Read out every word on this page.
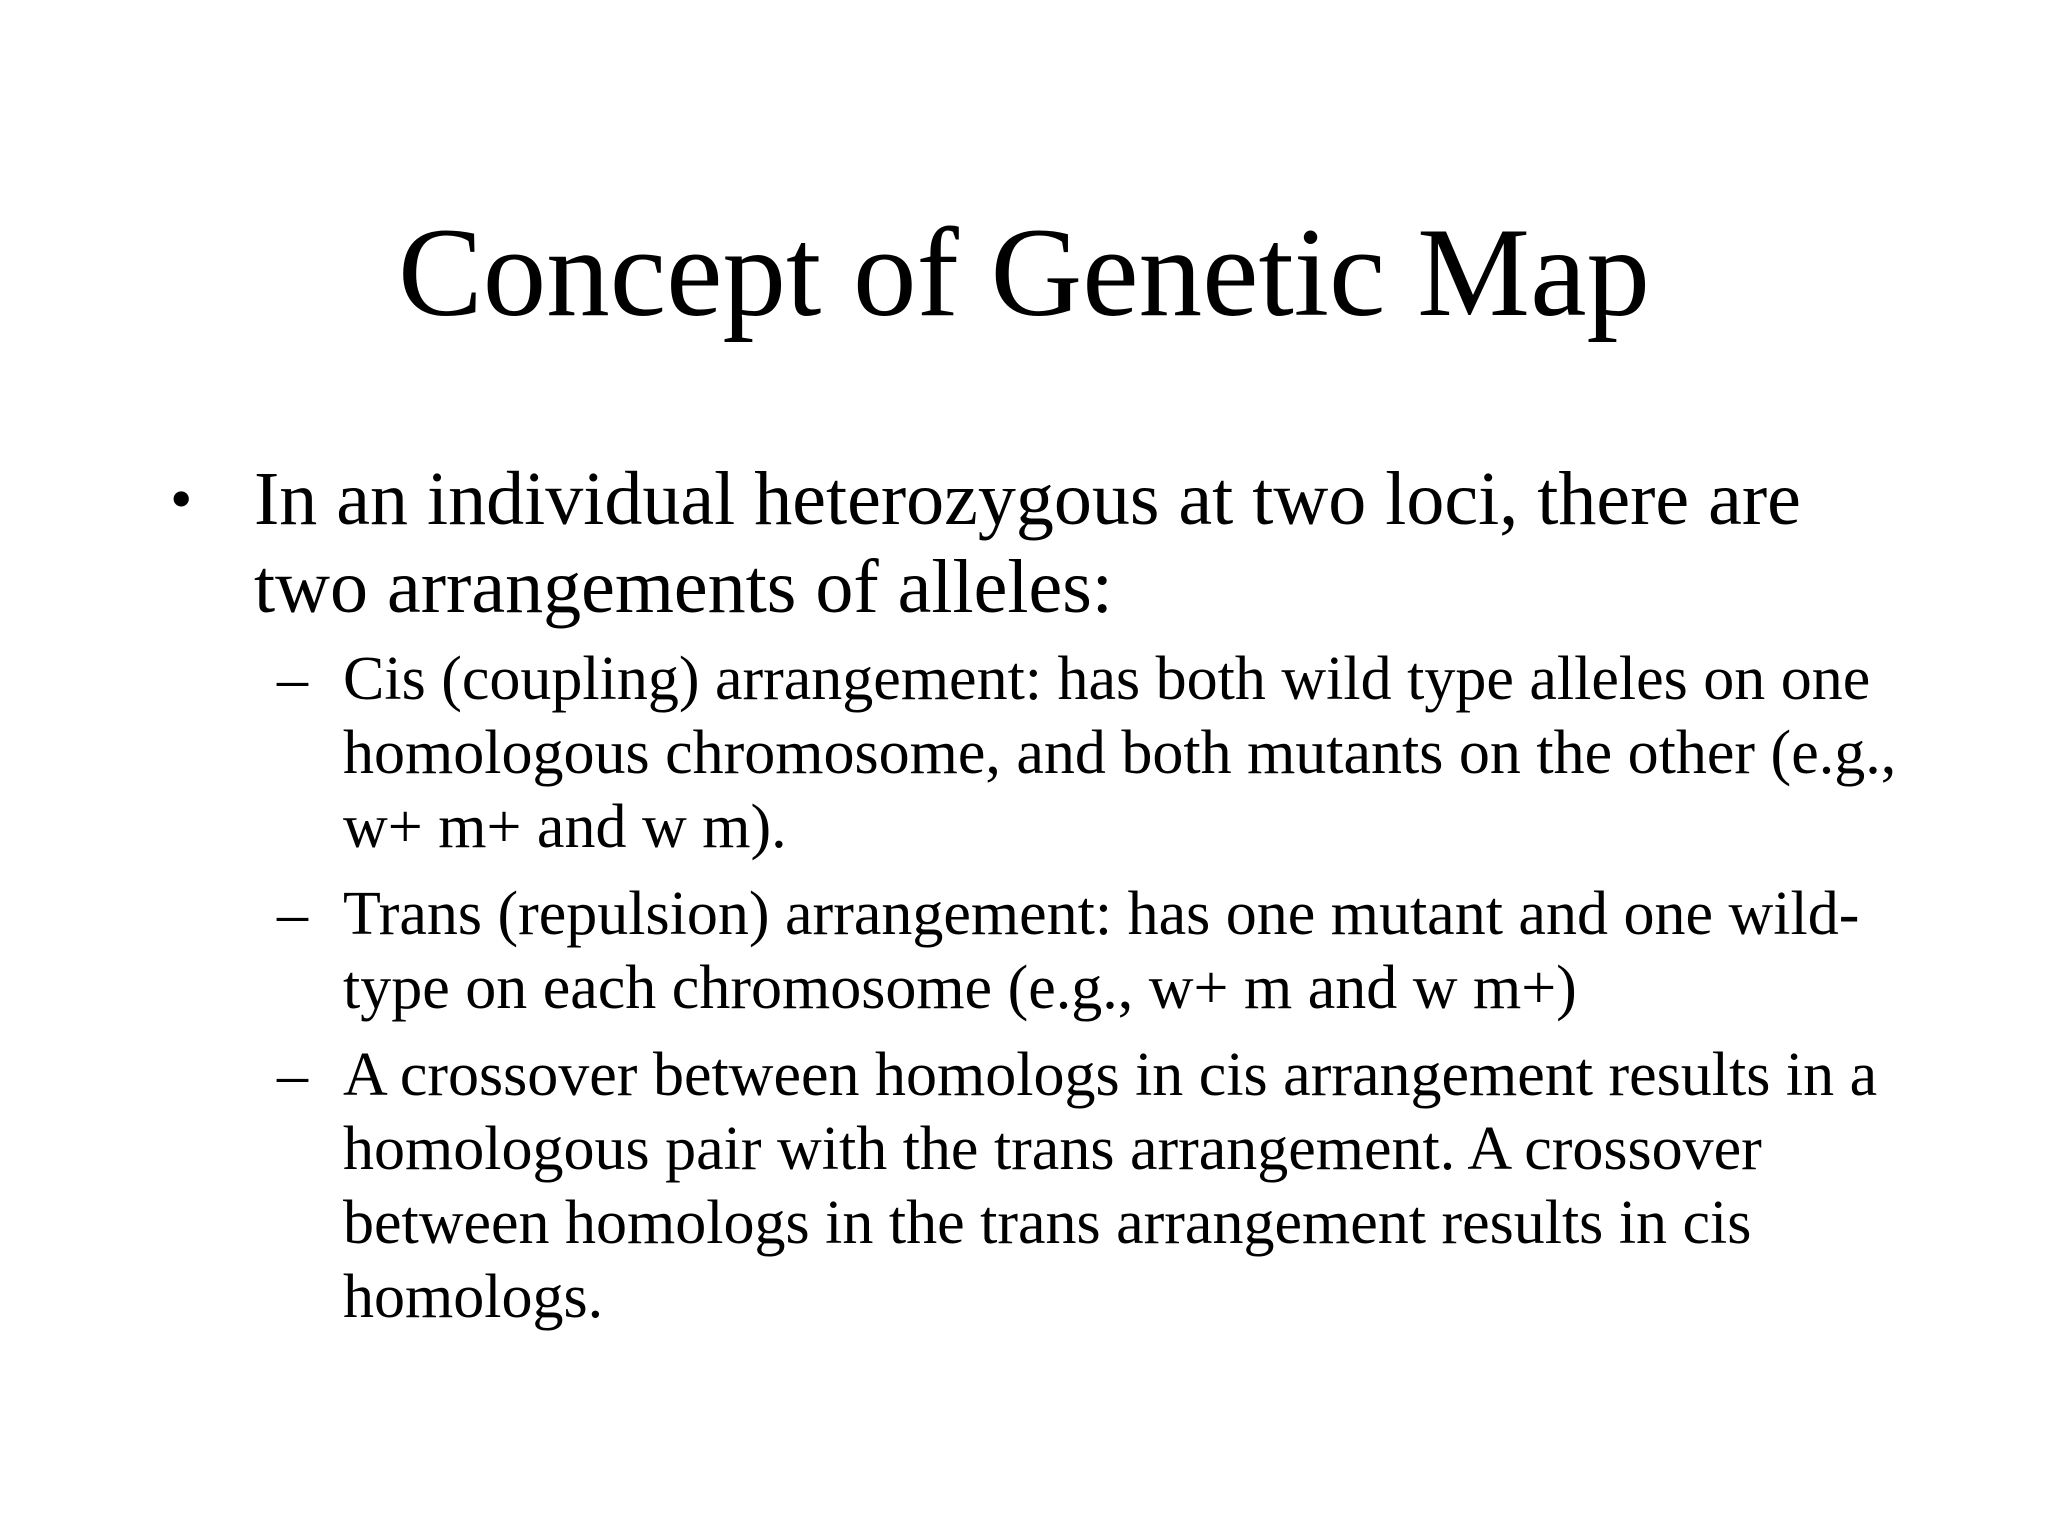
Concept of Genetic Map
• In an individual heterozygous at two loci, there are two arrangements of alleles:
– Cis (coupling) arrangement: has both wild type alleles on one homologous chromosome, and both mutants on the other (e.g., w+ m+ and w m).
– Trans (repulsion) arrangement: has one mutant and one wild-type on each chromosome (e.g., w+ m and w m+)
– A crossover between homologs in cis arrangement results in a homologous pair with the trans arrangement. A crossover between homologs in the trans arrangement results in cis homologs.
